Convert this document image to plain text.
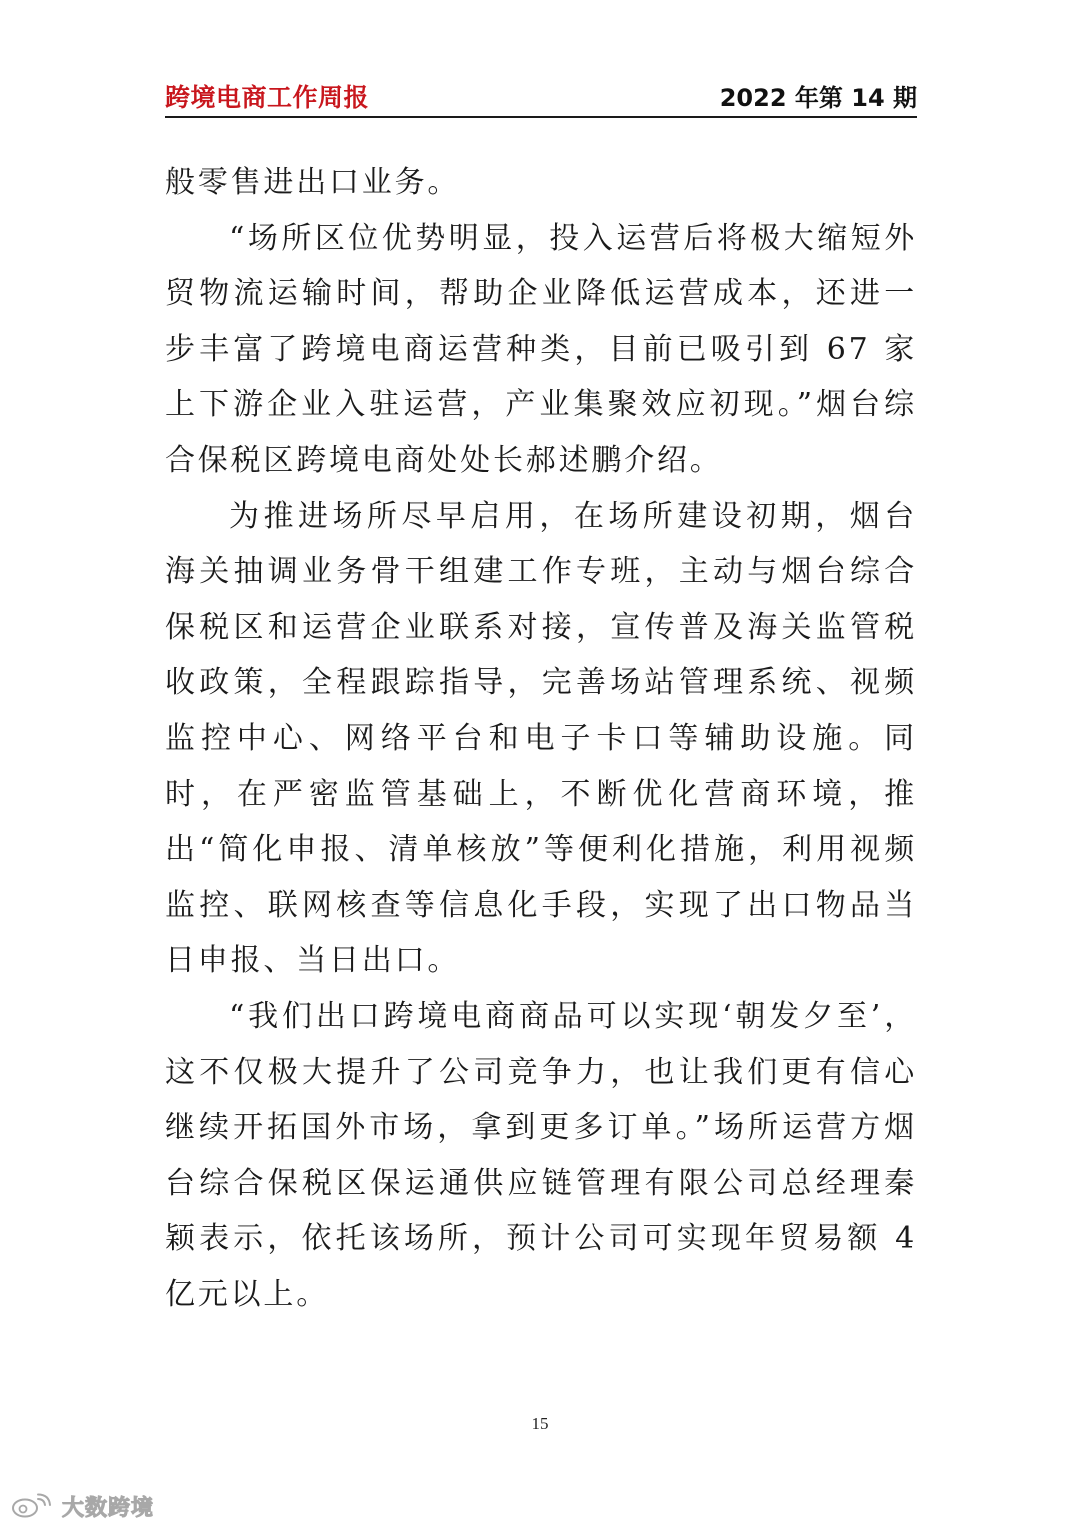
跨境电商工作周报	2022 年第 14 期

般零售进出口业务。

“场所区位优势明显，投入运营后将极大缩短外贸物流运输时间，帮助企业降低运营成本，还进一步丰富了跨境电商运营种类，目前已吸引到 67 家上下游企业入驻运营，产业集聚效应初现。”烟台综合保税区跨境电商处处长郝述鹏介绍。

为推进场所尽早启用，在场所建设初期，烟台海关抽调业务骨干组建工作专班，主动与烟台综合保税区和运营企业联系对接，宣传普及海关监管税收政策，全程跟踪指导，完善场站管理系统、视频监控中心、网络平台和电子卡口等辅助设施。同时，在严密监管基础上，不断优化营商环境，推出“简化申报、清单核放”等便利化措施，利用视频监控、联网核查等信息化手段，实现了出口物品当日申报、当日出口。

“我们出口跨境电商商品可以实现‘朝发夕至’，这不仅极大提升了公司竞争力，也让我们更有信心继续开拓国外市场，拿到更多订单。”场所运营方烟台综合保税区保运通供应链管理有限公司总经理秦颖表示，依托该场所，预计公司可实现年贸易额 4 亿元以上。

15
大数跨境
